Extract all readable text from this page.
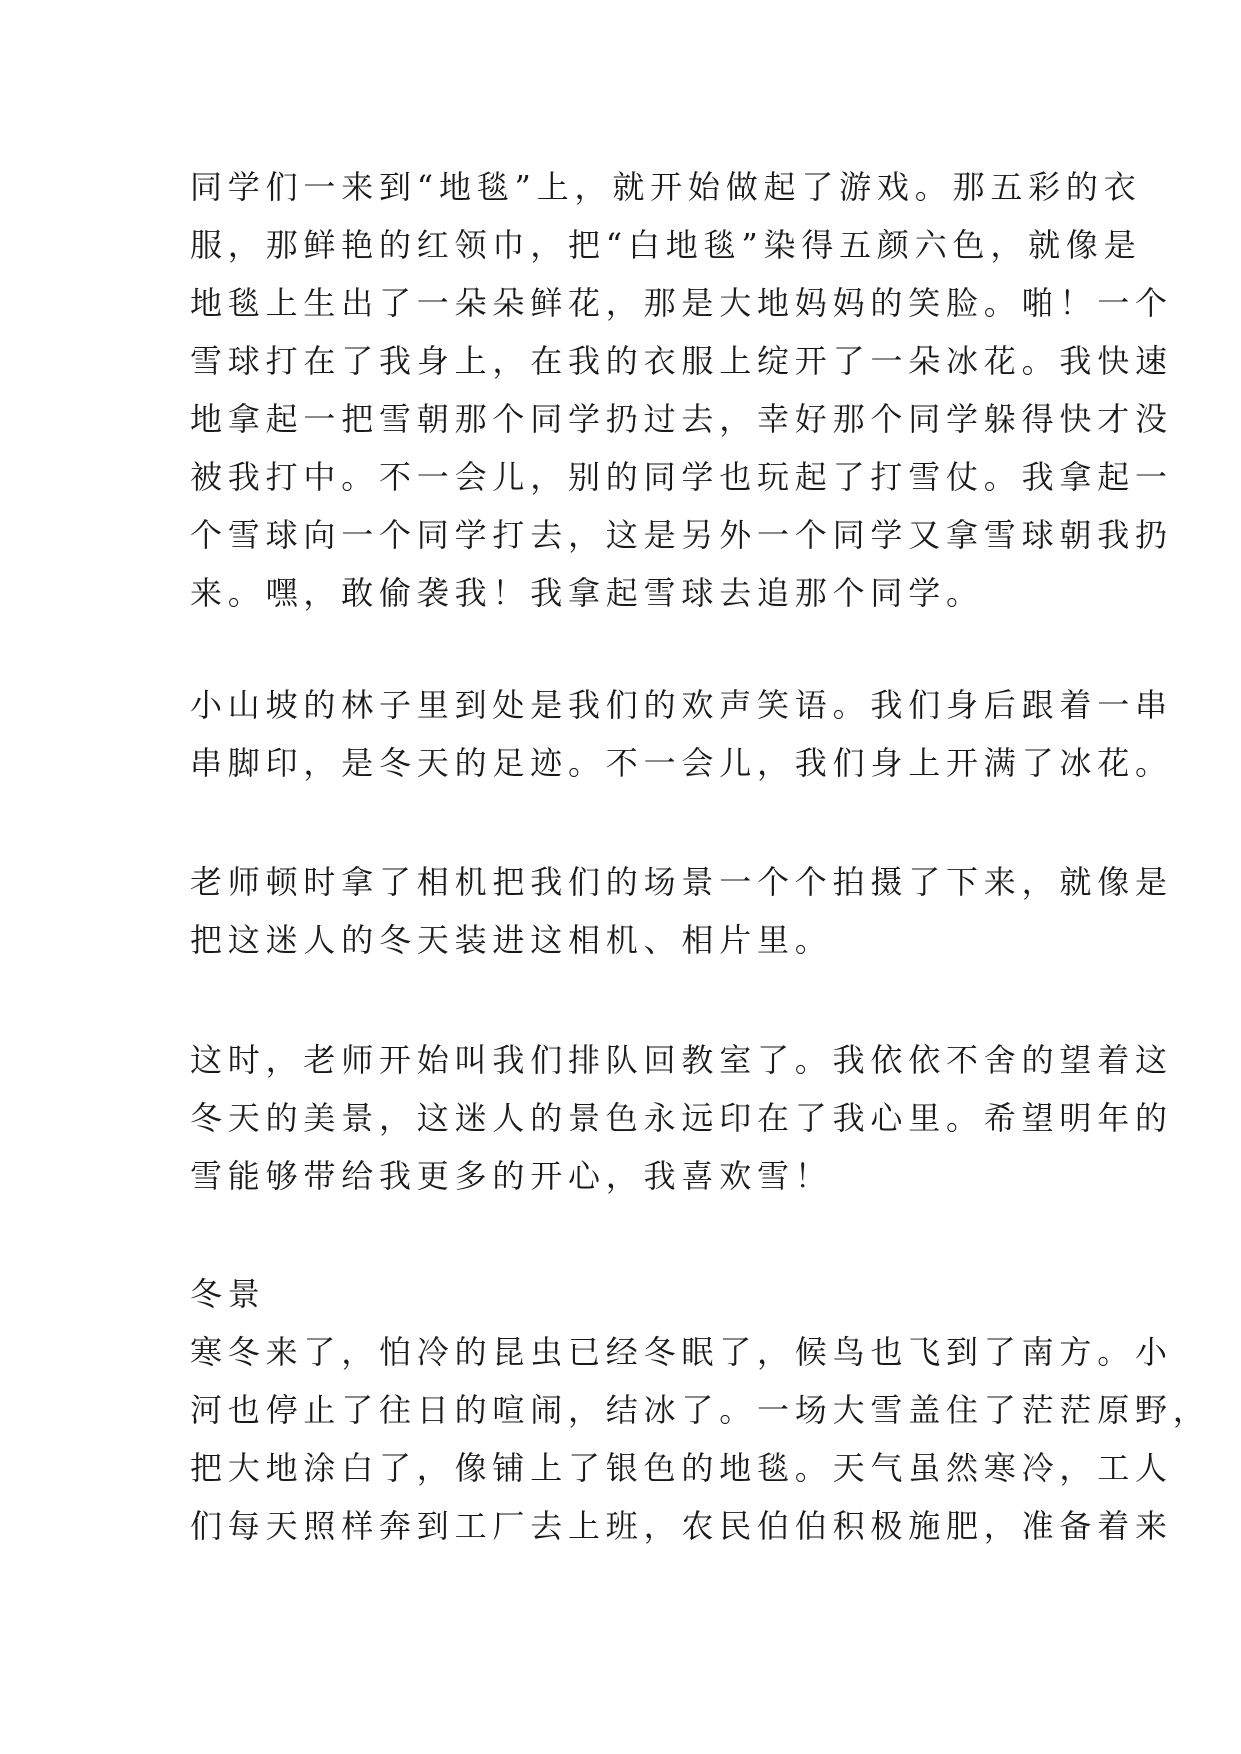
同学们一来到“地毯”上，就开始做起了游戏。那五彩的衣
服，那鲜艳的红领巾，把“白地毯”染得五颜六色，就像是
地毯上生出了一朵朵鲜花，那是大地妈妈的笑脸。啪！一个
雪球打在了我身上，在我的衣服上绽开了一朵冰花。我快速
地拿起一把雪朝那个同学扔过去，幸好那个同学躲得快才没
被我打中。不一会儿，别的同学也玩起了打雪仗。我拿起一
个雪球向一个同学打去，这是另外一个同学又拿雪球朝我扔
来。嘿，敢偷袭我！我拿起雪球去追那个同学。
小山坡的林子里到处是我们的欢声笑语。我们身后跟着一串
串脚印，是冬天的足迹。不一会儿，我们身上开满了冰花。
老师顿时拿了相机把我们的场景一个个拍摄了下来，就像是
把这迷人的冬天装进这相机、相片里。
这时，老师开始叫我们排队回教室了。我依依不舍的望着这
冬天的美景，这迷人的景色永远印在了我心里。希望明年的
雪能够带给我更多的开心，我喜欢雪！
冬景
寒冬来了，怕冷的昆虫已经冬眠了，候鸟也飞到了南方。小
河也停止了往日的喧闹，结冰了。一场大雪盖住了茫茫原野，
把大地涂白了，像铺上了银色的地毯。天气虽然寒冷，工人
们每天照样奔到工厂去上班，农民伯伯积极施肥，准备着来
